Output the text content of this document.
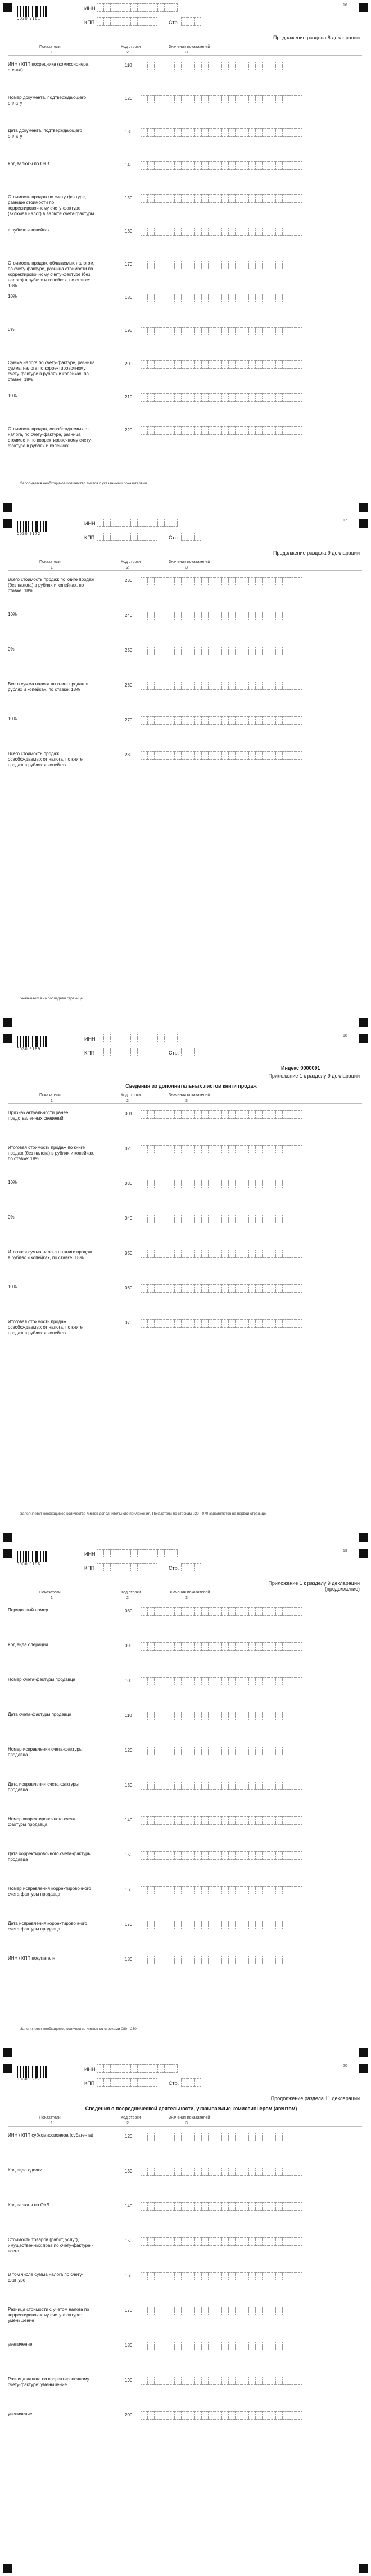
0030 9161
ИНН
КПП	Стр.
16
Продолжение раздела 8 декларации
Показатели	Код строки	Значения показателей
1	2	3
ИНН / КПП посредника (комиссионера, агента)
110
Номер документа, подтверждающего оплату
120
Дата документа, подтверждающего оплату
130
Код валюты по ОКВ	140
Стоимость продаж по счету-фактуре, разнице стоимости по корректировочному счету-фактуре (включая налог) в валюте счета-фактуры
150
в рублях и копейках	160
Стоимость продаж, облагаемых налогом, по счету-фактуре, разница стоимости по корректировочному счету-фактуре (без налога) в рублях и копейках, по ставке: 18%
170
10%	180
0%	190
Сумма налога по счету-фактуре, разница суммы налога по корректировочному счету-фактуре в рублях и копейках, по ставке: 18%
200
10%	210
Стоимость продаж, освобождаемых от налога, по счету-фактуре, разница стоимости по корректировочному счету-фактуре в рублях и копейках
220
Заполняется необходимое количество листов с указанными показателями
0030 9172
ИНН
КПП	Стр.
17
Продолжение раздела 9 декларации
Показатели	Код строки	Значения показателей
1	2	3
Всего стоимость продаж по книге продаж (без налога) в рублях и копейках, по ставке: 18%
230
10%	240
0%	250
Всего сумма налога по книге продаж в рублях и копейках, по ставке: 18%
260
10%	270
Всего стоимость продаж, освобождаемых от налога, по книге продаж в рублях и копейках
280
Указывается на последней странице.
0030 9189
ИНН
КПП	Стр.
18
Индекс 0000091
Приложение 1 к разделу 9 декларации
Сведения из дополнительных листов книги продаж
Показатели	Код строки	Значения показателей
1	2	3
Признак актуальности ранее представленных сведений
001
Итоговая стоимость продаж по книге продаж (без налога) в рублях и копейках, по ставке: 18%
020
10%	030
0%	040
Итоговая сумма налога по книге продаж в рублях и копейках, по ставке: 18%
050
10%	060
Итоговая стоимость продаж, освобождаемых от налога, по книге продаж в рублях и копейках
070
Заполняется необходимое количество листов дополнительного приложения. Показатели по строкам 020 - 070 заполняются на первой странице.
0030 9196
ИНН
КПП	Стр.
19
Приложение 1 к разделу 9 декларации (продолжение)
Показатели	Код строки	Значения показателей
1	2	3
Порядковый номер	080
Код вида операции	090
Номер счета-фактуры продавца	100
Дата счета-фактуры продавца	110
Номер исправления счета-фактуры продавца
120
Дата исправления счета-фактуры продавца
130
Номер корректировочного счета-фактуры продавца
140
Дата корректировочного счета-фактуры продавца
150
Номер исправления корректировочного счета-фактуры продавца
160
Дата исправления корректировочного счета-фактуры продавца
170
ИНН / КПП покупателя	180
Заполняется необходимое количество листов со строками 080 - 230.
0030 9257
ИНН
КПП	Стр.
20
Продолжение раздела 11 декларации
Сведения о посреднической деятельности, указываемые комиссионером (агентом)
Показатели	Код строки	Значения показателей
1	2	3
ИНН / КПП субкомиссионера (субагента)	120
Код вида сделки	130
Код валюты по ОКВ	140
Стоимость товаров (работ, услуг), имущественных прав по счету-фактуре - всего
150
В том числе сумма налога по счету-фактуре
160
Разница стоимости с учетом налога по корректировочному счету-фактуре: уменьшение
170
увеличение	180
Разница налога по корректировочному счету-фактуре: уменьшение
190
увеличение	200
